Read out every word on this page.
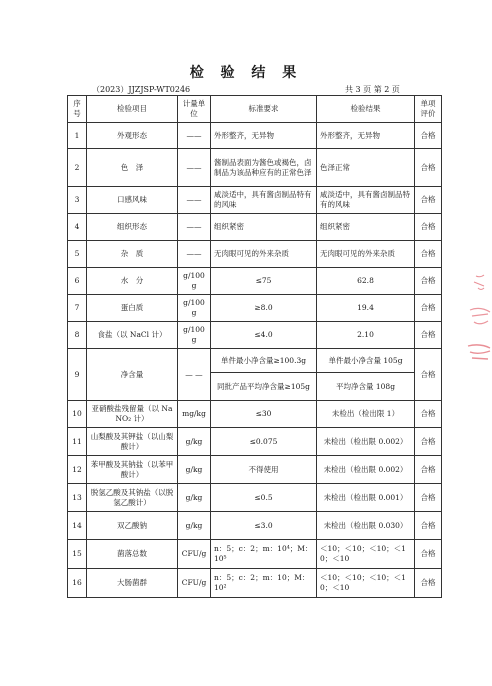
检 验 结 果
（2023）JJZJSP-WT0246	共 3 页 第 2 页
序号	检验项目	计量单位	标准要求	检验结果	单项评价
1	外观形态	——	外形整齐，无异物	外形整齐，无异物	合格
2	色　泽	——	酱制品表面为酱色或褐色，卤制品为该品种应有的正常色泽	色泽正常	合格
3	口感风味	——	咸淡适中，具有酱卤制品特有的风味	咸淡适中，具有酱卤制品特有的风味	合格
4	组织形态	——	组织紧密	组织紧密	合格
5	杂　质	——	无肉眼可见的外来杂质	无肉眼可见的外来杂质	合格
6	水　分	g/100g	≤75	62.8	合格
7	蛋白质	g/100g	≥8.0	19.4	合格
8	食盐（以 NaCl 计）	g/100g	≤4.0	2.10	合格
9	净含量	— —	单件最小净含量≥100.3g	单件最小净含量 105g	合格
			同批产品平均净含量≥105g	平均净含量 108g	
10	亚硝酸盐残留量（以 NaNO₂ 计）	mg/kg	≤30	未检出（检出限 1）	合格
11	山梨酸及其钾盐（以山梨酸计）	g/kg	≤0.075	未检出（检出限 0.002）	合格
12	苯甲酸及其钠盐（以苯甲酸计）	g/kg	不得使用	未检出（检出限 0.002）	合格
13	脱氢乙酸及其钠盐（以脱氢乙酸计）	g/kg	≤0.5	未检出（检出限 0.001）	合格
14	双乙酸钠	g/kg	≤3.0	未检出（检出限 0.030）	合格
15	菌落总数	CFU/g	n：5；c：2；m：10⁴；M：10⁵	＜10；＜10；＜10；＜10；＜10	合格
16	大肠菌群	CFU/g	n：5；c：2；m：10；M：10²	＜10；＜10；＜10；＜10；＜10	合格
